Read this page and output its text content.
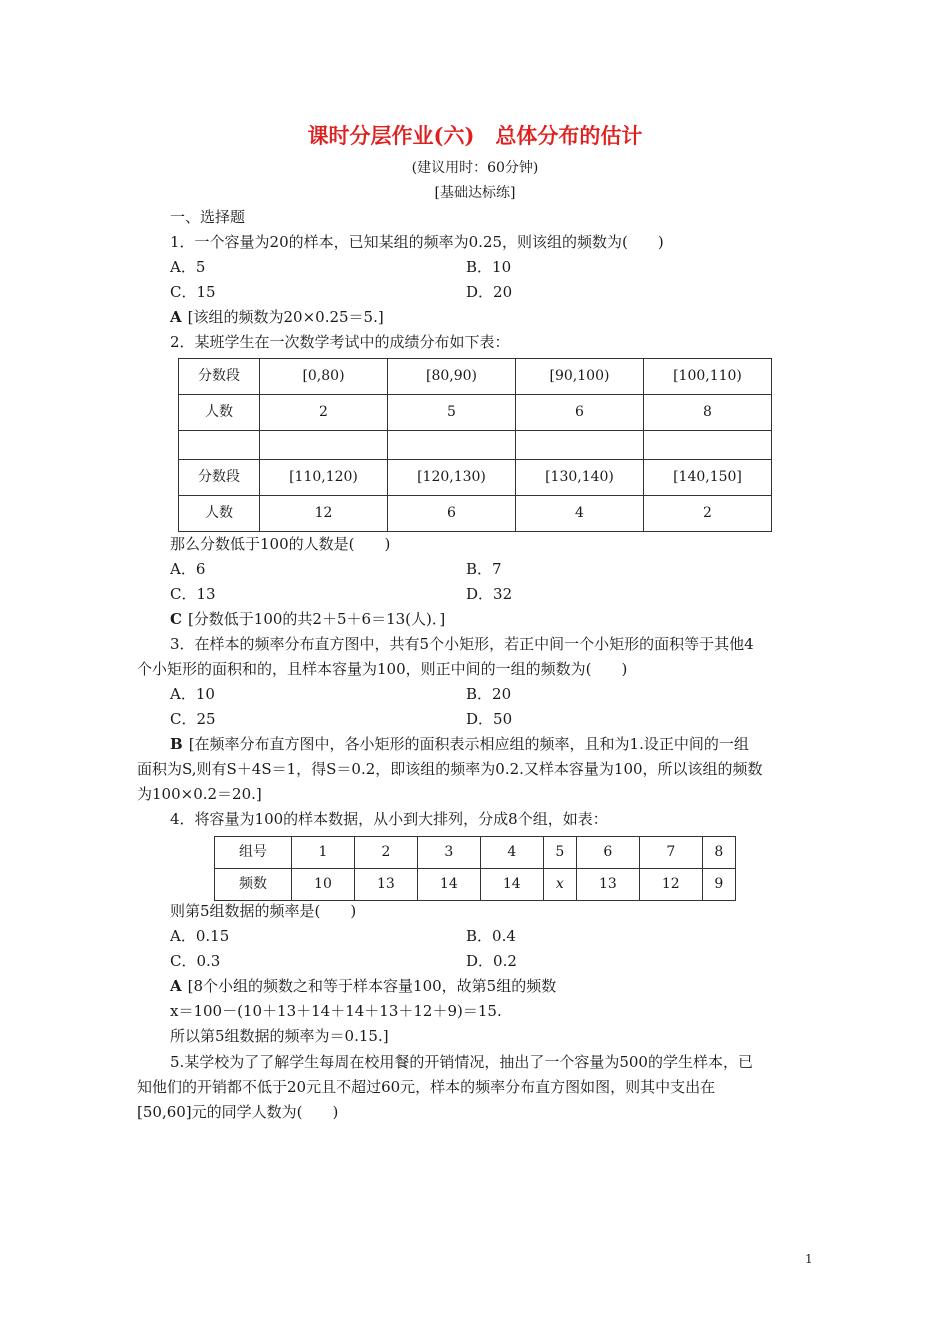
课时分层作业(六)　总体分布的估计
(建议用时：60分钟)
[基础达标练]
一、选择题
1．一个容量为20的样本，已知某组的频率为0.25，则该组的频数为(　　)
A．5	B．10
C．15	D．20
A [该组的频数为20×0.25＝5.]
2．某班学生在一次数学考试中的成绩分布如下表：
分数段	[0,80)	[80,90)	[90,100)	[100,110)
人数	2	5	6	8

分数段	[110,120)	[120,130)	[130,140)	[140,150]
人数	12	6	4	2
那么分数低于100的人数是(　　)
A．6	B．7
C．13	D．32
C [分数低于100的共2＋5＋6＝13(人)．]
3．在样本的频率分布直方图中，共有5个小矩形，若正中间一个小矩形的面积等于其他4
个小矩形的面积和的，且样本容量为100，则正中间的一组的频数为(　　)
A．10	B．20
C．25	D．50
B [在频率分布直方图中，各小矩形的面积表示相应组的频率，且和为1.设正中间的一组
面积为S,则有S＋4S＝1，得S＝0.2，即该组的频率为0.2.又样本容量为100，所以该组的频数
为100×0.2＝20.]
4．将容量为100的样本数据，从小到大排列，分成8个组，如表：
组号	1	2	3	4	5	6	7	8
频数	10	13	14	14	x	13	12	9
则第5组数据的频率是(　　)
A．0.15	B．0.4
C．0.3	D．0.2
A [8个小组的频数之和等于样本容量100，故第5组的频数
x＝100－(10＋13＋14＋14＋13＋12＋9)＝15.
所以第5组数据的频率为＝0.15.]
5.某学校为了了解学生每周在校用餐的开销情况，抽出了一个容量为500的学生样本，已
知他们的开销都不低于20元且不超过60元，样本的频率分布直方图如图，则其中支出在
[50,60]元的同学人数为(　　)
1
